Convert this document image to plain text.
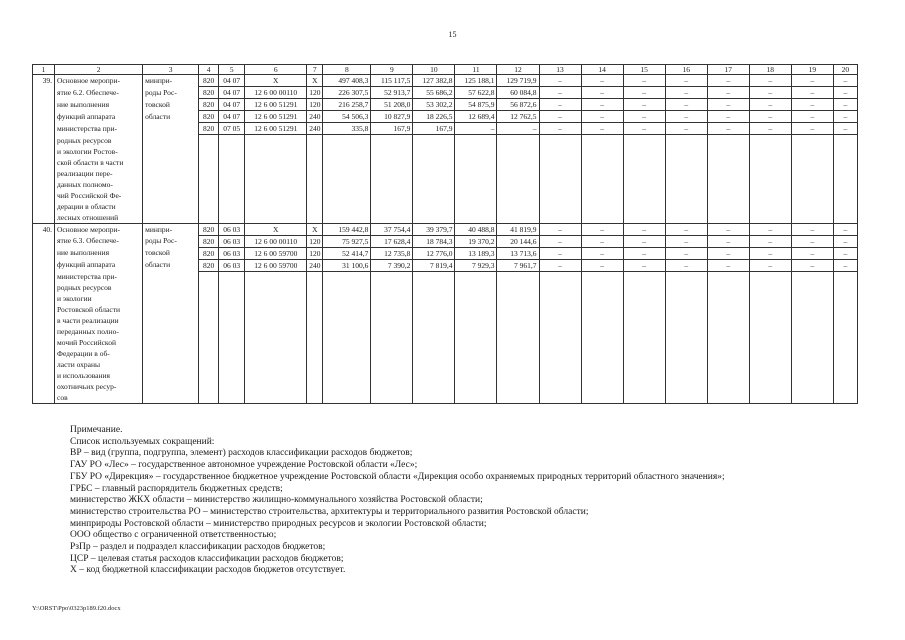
15
1	2	3	4	5	6	7	8	9	10	11	12	13	14	15	16	17	18	19	20
39.	Основное меропри-	минпри-	820	04 07	X	X	497 408,3	115 117,5	127 382,8	125 188,1	129 719,9	–	–	–	–	–	–	–	–
	ятие 6.2. Обеспече-	роды Рос-	820	04 07	12 6 00 00110	120	226 307,5	52 913,7	55 686,2	57 622,8	60 084,8	–	–	–	–	–	–	–	–
	ние выполнения	товской	820	04 07	12 6 00 51291	120	216 258,7	51 208,0	53 302,2	54 875,9	56 872,6	–	–	–	–	–	–	–	–
	функций аппарата	области	820	04 07	12 6 00 51291	240	54 506,3	10 827,9	18 226,5	12 689,4	12 762,5	–	–	–	–	–	–	–	–
	министерства при-		820	07 05	12 6 00 51291	240	335,8	167,9	167,9	–	–	–	–	–	–	–	–	–	–
	родных ресурсов																		
	и экологии Ростов-																		
	ской области в части																		
	реализации пере-																		
	данных полномо-																		
	чий Российской Фе-																		
	дерации в области																		
	лесных отношений																		
40.	Основное меропри-	минпри-	820	06 03	X	X	159 442,8	37 754,4	39 379,7	40 488,8	41 819,9	–	–	–	–	–	–	–	–
	ятие 6.3. Обеспече-	роды Рос-	820	06 03	12 6 00 00110	120	75 927,5	17 628,4	18 784,3	19 370,2	20 144,6	–	–	–	–	–	–	–	–
	ние выполнения	товской	820	06 03	12 6 00 59700	120	52 414,7	12 735,8	12 776,0	13 189,3	13 713,6	–	–	–	–	–	–	–	–
	функций аппарата	области	820	06 03	12 6 00 59700	240	31 100,6	7 390,2	7 819,4	7 929,3	7 961,7	–	–	–	–	–	–	–	–
	министерства при-																		
	родных ресурсов																		
	и экологии																		
	Ростовской области																		
	в части реализации																		
	переданных полно-																		
	мочий Российской																		
	Федерации в об-																		
	ласти охраны																		
	и использования																		
	охотничьих ресур-																		
	сов																		
Примечание.
Список используемых сокращений:
ВР – вид (группа, подгруппа, элемент) расходов классификации расходов бюджетов;
ГАУ РО «Лес» – государственное автономное учреждение Ростовской области «Лес»;
ГБУ РО «Дирекция» – государственное бюджетное учреждение Ростовской области «Дирекция особо охраняемых природных территорий областного значения»;
ГРБС – главный распорядитель бюджетных средств;
министерство ЖКХ области – министерство жилищно-коммунального хозяйства Ростовской области;
министерство строительства РО – министерство строительства, архитектуры и территориального развития Ростовской области;
минприроды Ростовской области – министерство природных ресурсов и экологии Ростовской области;
ООО общество с ограниченной ответственностью;
РзПр – раздел и подраздел классификации расходов бюджетов;
ЦСР – целевая статья расходов классификации расходов бюджетов;
Х – код бюджетной классификации расходов бюджетов отсутствует.
Y:\ORST\Ppo\0323p189.f20.docx
